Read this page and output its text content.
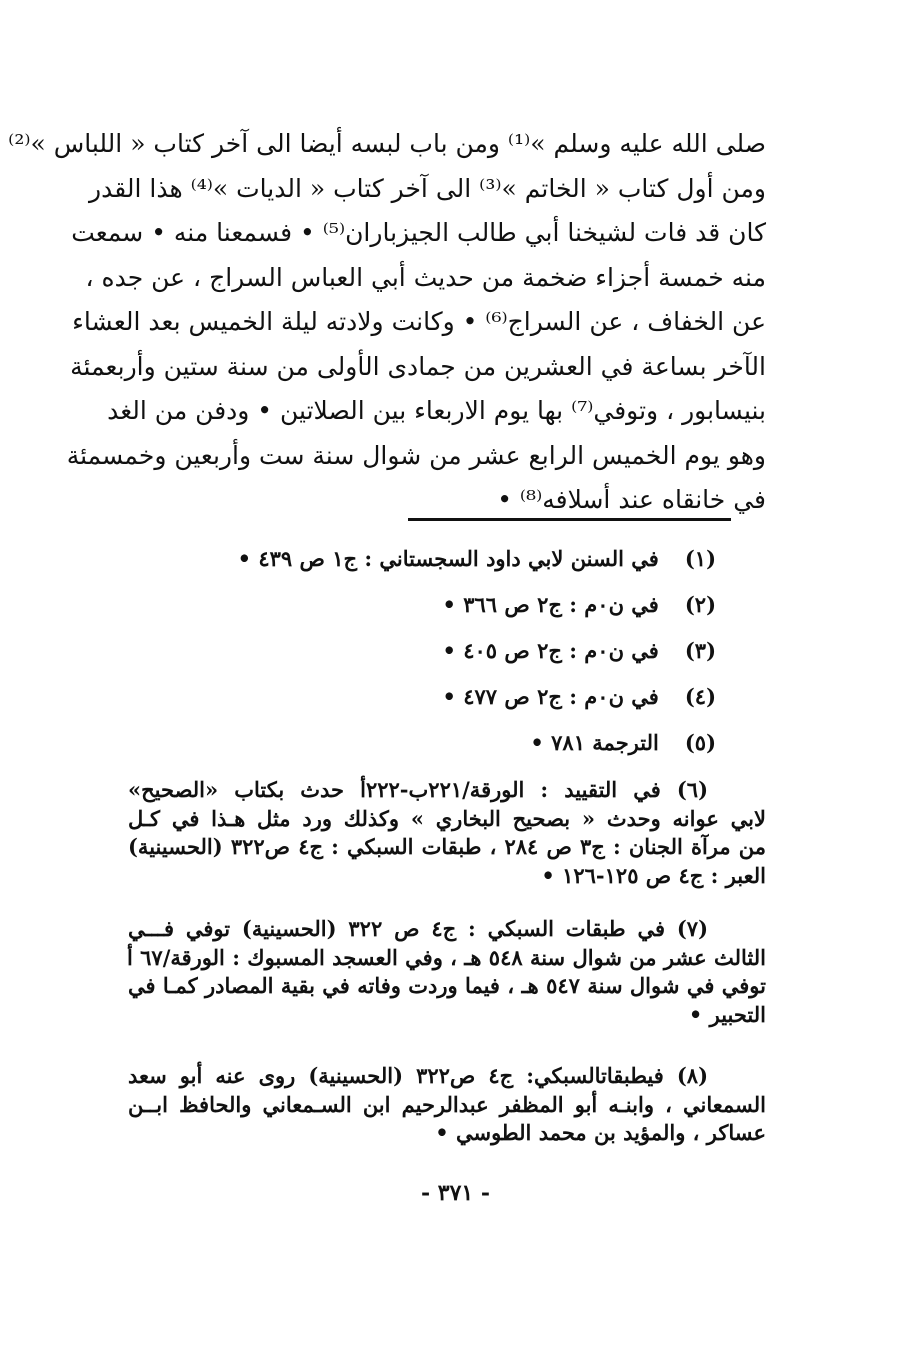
صلى الله عليه وسلم »⁽¹⁾ ومن باب لبسه أيضا الى آخر كتاب « اللباس »⁽²⁾
ومن أول كتاب « الخاتم »⁽³⁾ الى آخر كتاب « الديات »⁽⁴⁾ هذا القدر
كان قد فات لشيخنا أبي طالب الجيزباران⁽⁵⁾ • فسمعنا منه • سمعت
منه خمسة أجزاء ضخمة من حديث أبي العباس السراج ، عن جده ،
عن الخفاف ، عن السراج⁽⁶⁾ • وكانت ولادته ليلة الخميس بعد العشاء
الآخر بساعة في العشرين من جمادى الأولى من سنة ستين وأربعمئة
بنيسابور ، وتوفي⁽⁷⁾ بها يوم الاربعاء بين الصلاتين • ودفن من الغد
وهو يوم الخميس الرابع عشر من شوال سنة ست وأربعين وخمسمئة
في خانقاه عند أسلافه⁽⁸⁾ •
(١)في السنن لابي داود السجستاني : ج١ ص ٤٣٩ •
(٢)في ن٠م : ج٢ ص ٣٦٦ •
(٣)في ن٠م : ج٢ ص ٤٠٥ •
(٤)في ن٠م : ج٢ ص ٤٧٧ •
(٥)الترجمة ٧٨١ •
(٦) في التقييد : الورقة/٢٢١ب-٢٢٢أ حدث بكتاب «الصحيح»
لابي عوانه وحدث « بصحيح البخاري » وكذلك ورد مثل هـذا في كـل
من مرآة الجنان : ج٣ ص ٢٨٤ ، طبقات السبكي : ج٤ ص٣٢٢ (الحسينية)
العبر : ج٤ ص ١٢٥-١٢٦ •
(٧) في طبقات السبكي : ج٤ ص ٣٢٢ (الحسينية) توفي فـــي
الثالث عشر من شوال سنة ٥٤٨ هـ ، وفي العسجد المسبوك : الورقة/٦٧ أ
توفي في شوال سنة ٥٤٧ هـ ، فيما وردت وفاته في بقية المصادر كمـا في
التحبير •
(٨) فيطبقاتالسبكي: ج٤ ص٣٢٢ (الحسينية) روى عنه أبو سعد
السمعاني ، وابنـه أبو المظفر عبدالرحيم ابن السـمعاني والحافظ ابــن
عساكر ، والمؤيد بن محمد الطوسي •
- ٣٧١ -
